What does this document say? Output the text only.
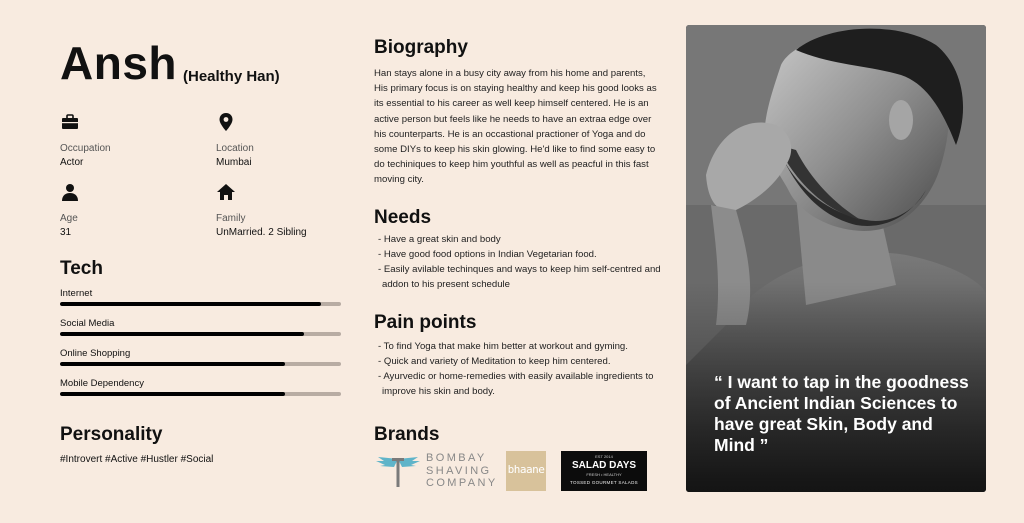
Ansh (Healthy Han)
Occupation
Actor
Location
Mumbai
Age
31
Family
UnMarried. 2 Sibling
Tech
Internet
Social Media
Online Shopping
Mobile Dependency
Personality
#Introvert #Active #Hustler #Social
Biography
Han stays alone in a busy city away from his home and parents, His primary focus is on staying healthy and keep his good looks as its essential to his career as well keep himself centered. He is an active person but feels like he needs to have an extraa edge over his counterparts. He is an occastional practioner of Yoga and do some DIYs to keep his skin glowing. He'd like to find some easy to do techiniques to keep him youthful as well as peacful in this fast moving city.
Needs
- Have a great skin and body
- Have good food options in Indian Vegetarian food.
- Easily avilable techinques and ways to keep him self-centred and addon to his present schedule
Pain points
- To find Yoga that make him better at workout and gyming.
- Quick and variety of Meditation to keep him centered.
- Ayurvedic or home-remedies with easily available ingredients to improve his skin and body.
Brands
BOMBAY
SHAVING
COMPANY
bhaane
EST 2014
SALAD DAYS
FRESH • HEALTHY
TOSSED GOURMET SALADS
“ I want to tap in the goodness of Ancient Indian Sciences to have great Skin, Body and Mind ”
